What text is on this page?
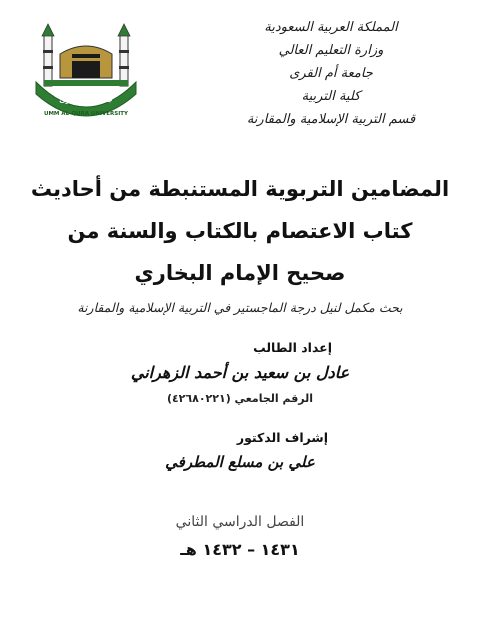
المملكة العربية السعودية
وزارة التعليم العالي
جامعة أم القرى
كلية التربية
قسم التربية الإسلامية والمقارنة
جامعة أم القرى
UMM AL-QURA UNIVERSITY
المضامين التربوية المستنبطة من أحاديث
كتاب الاعتصام بالكتاب والسنة من
صحيح الإمام البخاري
بحث مكمل لنيل درجة الماجستير في التربية الإسلامية والمقارنة
إعداد الطالب
عادل بن سعيد بن أحمد الزهراني
الرقم الجامعي (٤٢٦٨٠٢٢١)
إشراف الدكتور
علي بن مسلع المطرفي
الفصل الدراسي الثاني
١٤٣١ – ١٤٣٢ هـ
